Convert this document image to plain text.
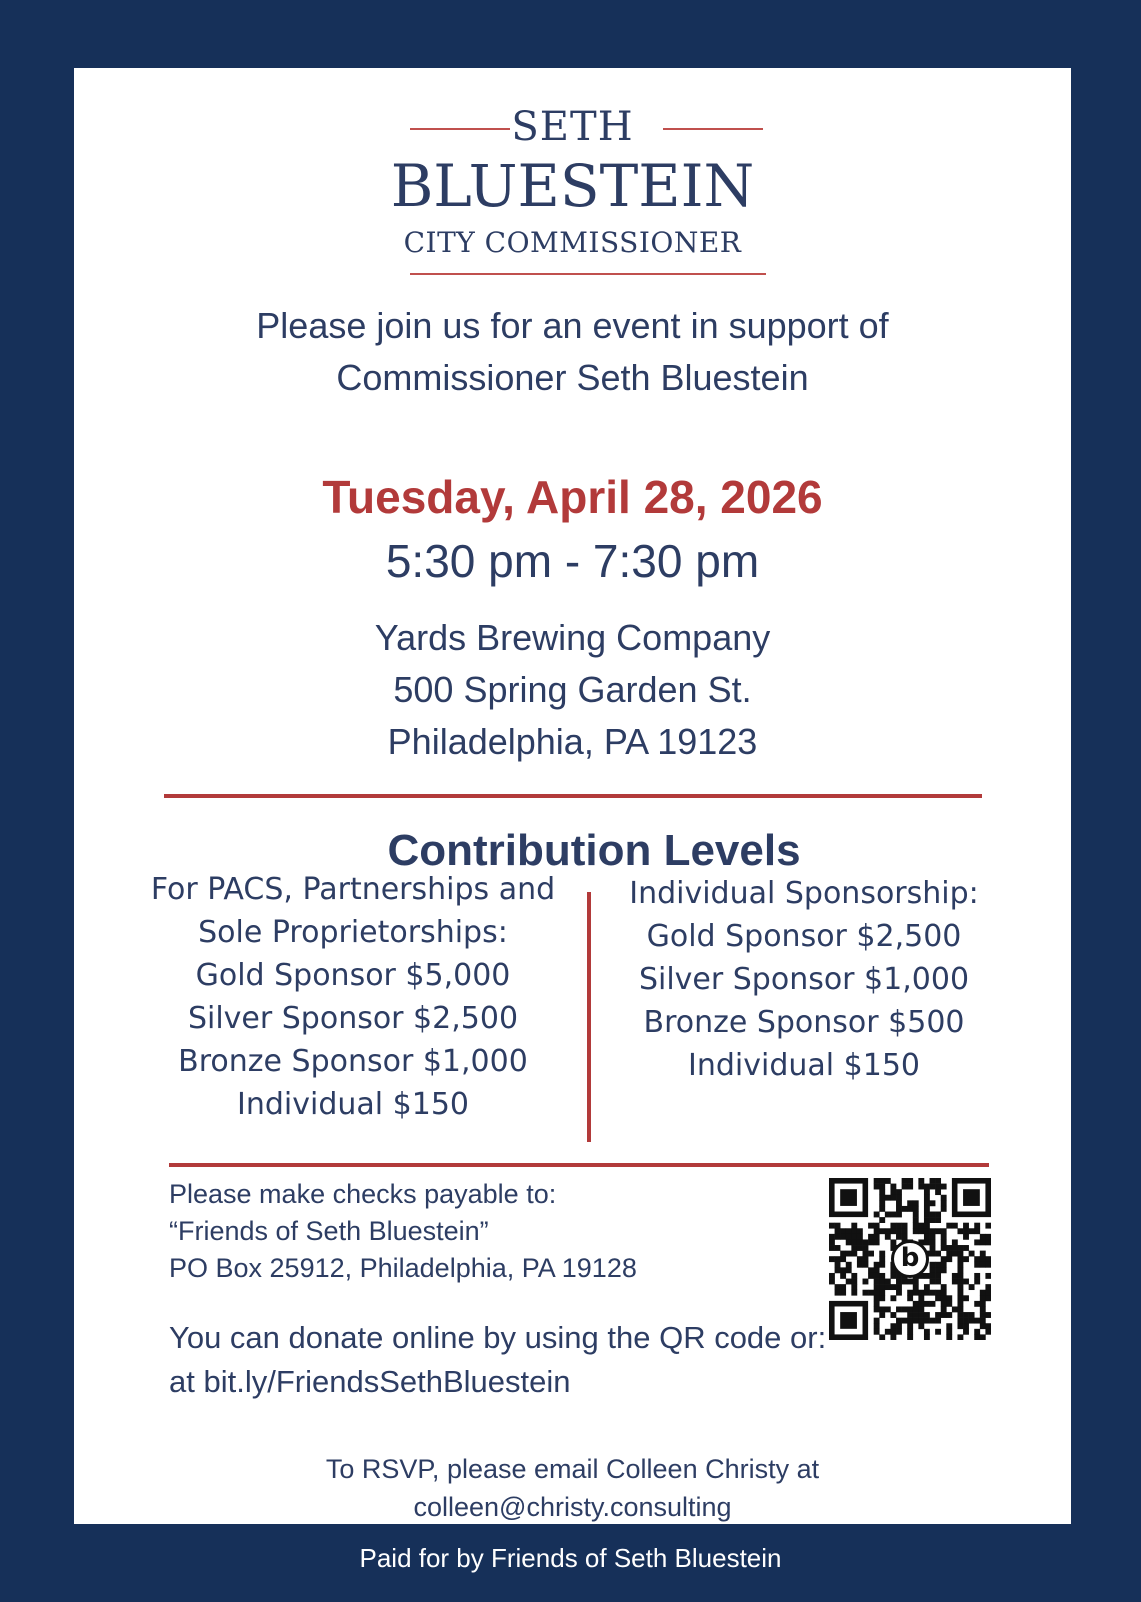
SETH
BLUESTEIN
CITY COMMISSIONER
Please join us for an event in support of
Commissioner Seth Bluestein
Tuesday, April 28, 2026
5:30 pm - 7:30 pm
Yards Brewing Company
500 Spring Garden St.
Philadelphia, PA 19123
Contribution Levels
For PACS, Partnerships and
Sole Proprietorships:
Gold Sponsor $5,000
Silver Sponsor $2,500
Bronze Sponsor $1,000
Individual $150
Individual Sponsorship:
Gold Sponsor $2,500
Silver Sponsor $1,000
Bronze Sponsor $500
Individual $150
Please make checks payable to:
“Friends of Seth Bluestein”
PO Box 25912, Philadelphia, PA 19128	b
You can donate online by using the QR code or:
at bit.ly/FriendsSethBluestein
To RSVP, please email Colleen Christy at
colleen@christy.consulting
Paid for by Friends of Seth Bluestein
